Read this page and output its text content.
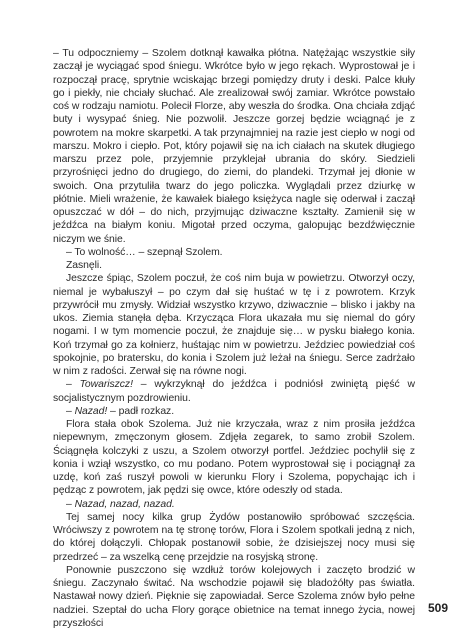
– Tu odpoczniemy – Szolem dotknął kawałka płótna. Natężając wszystkie siły zaczął je wyciągać spod śniegu. Wkrótce było w jego rękach. Wyprostował je i rozpoczął pracę, sprytnie wciskając brzegi pomiędzy druty i deski. Palce kłuły go i piekły, nie chciały słuchać. Ale zrealizował swój zamiar. Wkrótce powstało coś w rodzaju namiotu. Polecił Florze, aby weszła do środka. Ona chciała zdjąć buty i wysypać śnieg. Nie pozwolił. Jeszcze gorzej będzie wciągnąć je z powrotem na mokre skarpetki. A tak przynajmniej na razie jest ciepło w nogi od marszu. Mokro i ciepło. Pot, który pojawił się na ich ciałach na skutek długiego marszu przez pole, przyjemnie przyklejał ubrania do skóry. Siedzieli przyrośnięci jedno do drugiego, do ziemi, do plandeki. Trzymał jej dłonie w swoich. Ona przytuliła twarz do jego policzka. Wyglądali przez dziurkę w płótnie. Mieli wrażenie, że kawałek białego księżyca nagle się oderwał i zaczął opuszczać w dół – do nich, przyjmując dziwaczne kształty. Zamienił się w jeźdźca na białym koniu. Migotał przed oczyma, galopując bezdźwięcznie niczym we śnie.

– To wolność… – szepnął Szolem.

Zasnęli.

Jeszcze śpiąc, Szolem poczuł, że coś nim buja w powietrzu. Otworzył oczy, niemal je wybałuszył – po czym dał się huśtać w tę i z powrotem. Krzyk przywrócił mu zmysły. Widział wszystko krzywo, dziwacznie – blisko i jakby na ukos. Ziemia stanęła dęba. Krzycząca Flora ukazała mu się niemal do góry nogami. I w tym momencie poczuł, że znajduje się… w pysku białego konia. Koń trzymał go za kołnierz, huśtając nim w powietrzu. Jeździec powiedział coś spokojnie, po bratersku, do konia i Szolem już leżał na śniegu. Serce zadrżało w nim z radości. Zerwał się na równe nogi.

– Towariszcz! – wykrzyknął do jeźdźca i podniósł zwiniętą pięść w socjalistycznym pozdrowieniu.

– Nazad! – padł rozkaz.

Flora stała obok Szolema. Już nie krzyczała, wraz z nim prosiła jeźdźca niepewnym, zmęczonym głosem. Zdjęła zegarek, to samo zrobił Szolem. Ściągnęła kolczyki z uszu, a Szolem otworzył portfel. Jeździec pochylił się z konia i wziął wszystko, co mu podano. Potem wyprostował się i pociągnął za uzdę, koń zaś ruszył powoli w kierunku Flory i Szolema, popychając ich i pędząc z powrotem, jak pędzi się owce, które odeszły od stada.

– Nazad, nazad, nazad.

Tej samej nocy kilka grup Żydów postanowiło spróbować szczęścia. Wróciwszy z powrotem na tę stronę torów, Flora i Szolem spotkali jedną z nich, do której dołączyli. Chłopak postanowił sobie, że dzisiejszej nocy musi się przedrzeć – za wszelką cenę przejdzie na rosyjską stronę.

Ponownie puszczono się wzdłuż torów kolejowych i zaczęto brodzić w śniegu. Zaczynało świtać. Na wschodzie pojawił się bladożółty pas światła. Nastawał nowy dzień. Pięknie się zapowiadał. Serce Szolema znów było pełne nadziei. Szeptał do ucha Flory gorące obietnice na temat innego życia, nowej przyszłości

509
